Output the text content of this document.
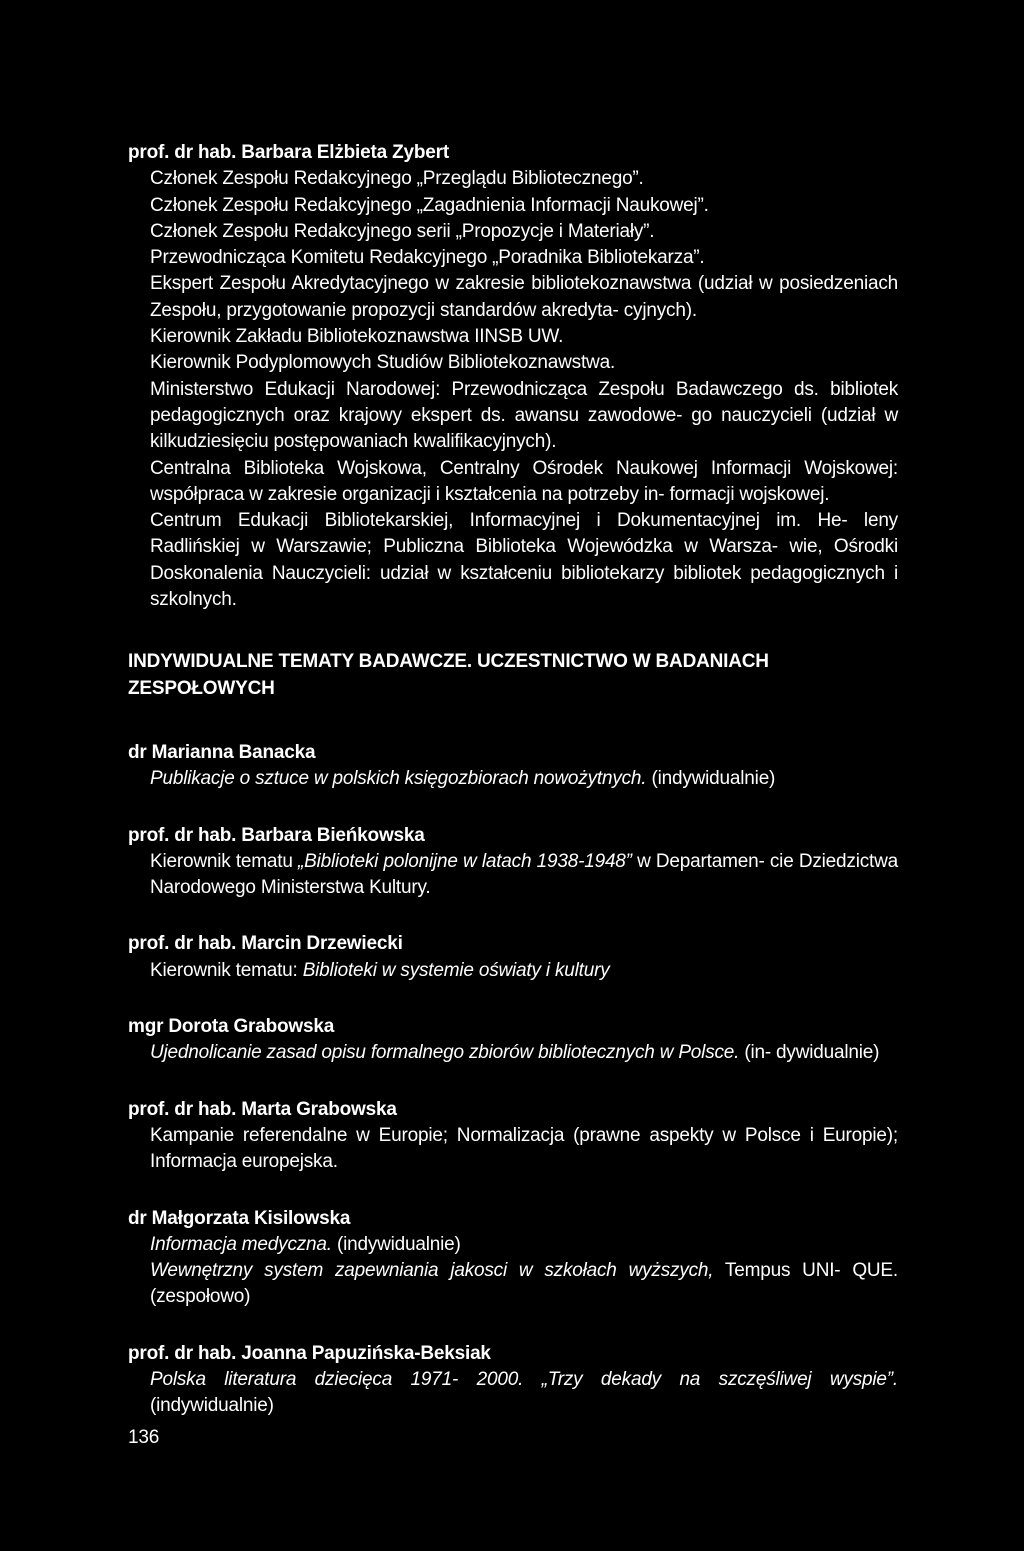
prof. dr hab. Barbara Elżbieta Zybert

Członek Zespołu Redakcyjnego „Przeglądu Bibliotecznego”.

Członek Zespołu Redakcyjnego „Zagadnienia Informacji Naukowej”.

Członek Zespołu Redakcyjnego serii „Propozycje i Materiały”.

Przewodnicząca Komitetu Redakcyjnego „Poradnika Bibliotekarza”.

Ekspert Zespołu Akredytacyjnego w zakresie bibliotekoznawstwa (udział w posiedzeniach Zespołu, przygotowanie propozycji standardów akredyta- cyjnych).

Kierownik Zakładu Bibliotekoznawstwa IINSB UW.

Kierownik Podyplomowych Studiów Bibliotekoznawstwa.

Ministerstwo Edukacji Narodowej: Przewodnicząca Zespołu Badawczego ds. bibliotek pedagogicznych oraz krajowy ekspert ds. awansu zawodowe- go nauczycieli (udział w kilkudziesięciu postępowaniach kwalifikacyjnych).

Centralna Biblioteka Wojskowa, Centralny Ośrodek Naukowej Informacji Wojskowej: współpraca w zakresie organizacji i kształcenia na potrzeby in- formacji wojskowej.

Centrum Edukacji Bibliotekarskiej, Informacyjnej i Dokumentacyjnej im. He- leny Radlińskiej w Warszawie; Publiczna Biblioteka Wojewódzka w Warsza- wie, Ośrodki Doskonalenia Nauczycieli: udział w kształceniu bibliotekarzy bibliotek pedagogicznych i szkolnych.

INDYWIDUALNE TEMATY BADAWCZE. UCZESTNICTWO W BADANIACH ZESPOŁOWYCH

dr Marianna Banacka

Publikacje o sztuce w polskich księgozbiorach nowożytnych. (indywidualnie)

prof. dr hab. Barbara Bieńkowska

Kierownik tematu „Biblioteki polonijne w latach 1938-1948” w Departamen- cie Dziedzictwa Narodowego Ministerstwa Kultury.

prof. dr hab. Marcin Drzewiecki

Kierownik tematu: Biblioteki w systemie oświaty i kultury

mgr Dorota Grabowska

Ujednolicanie zasad opisu formalnego zbiorów bibliotecznych w Polsce. (in- dywidualnie)

prof. dr hab. Marta Grabowska

Kampanie referendalne w Europie; Normalizacja (prawne aspekty w Polsce i Europie); Informacja europejska.

dr Małgorzata Kisilowska

Informacja medyczna. (indywidualnie)

Wewnętrzny system zapewniania jakosci w szkołach wyższych, Tempus UNI- QUE. (zespołowo)

prof. dr hab. Joanna Papuzińska-Beksiak

Polska literatura dziecięca 1971- 2000. „Trzy dekady na szczęśliwej wyspie”. (indywidualnie)

136
